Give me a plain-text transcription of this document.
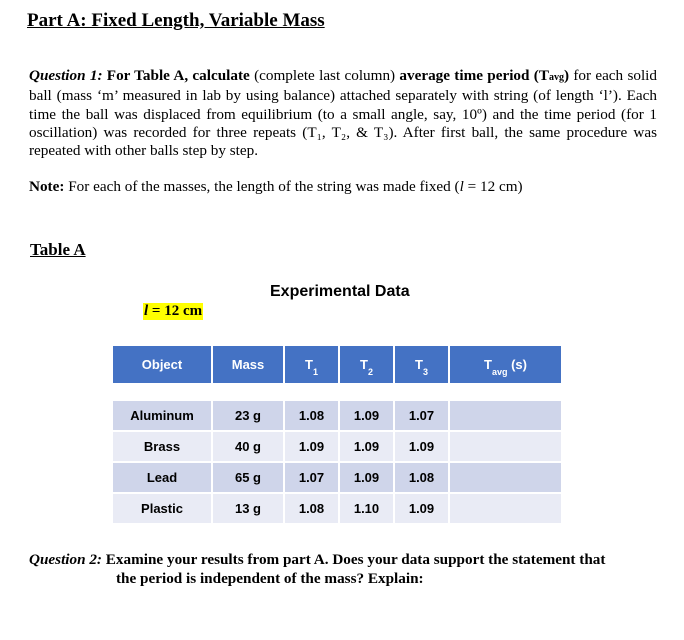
Part A: Fixed Length, Variable Mass
Question 1: For Table A, calculate (complete last column) average time period (Tavg) for each solid ball (mass ‘m’ measured in lab by using balance) attached separately with string (of length ‘l’). Each time the ball was displaced from equilibrium (to a small angle, say, 10º) and the time period (for 1 oscillation) was recorded for three repeats (T₁, T₂, & T₃). After first ball, the same procedure was repeated with other balls step by step.
Note: For each of the masses, the length of the string was made fixed (l = 12 cm)
Table A
Experimental Data
l = 12 cm
Object	Mass	$T_1$	$T_2$	$T_3$	$T_{avg}$ (s)

Aluminum	23 g	1.08	1.09	1.07	
Brass	40 g	1.09	1.09	1.09	
Lead	65 g	1.07	1.09	1.08	
Plastic	13 g	1.08	1.10	1.09	
Question 2: Examine your results from part A. Does your data support the statement that
the period is independent of the mass? Explain:
